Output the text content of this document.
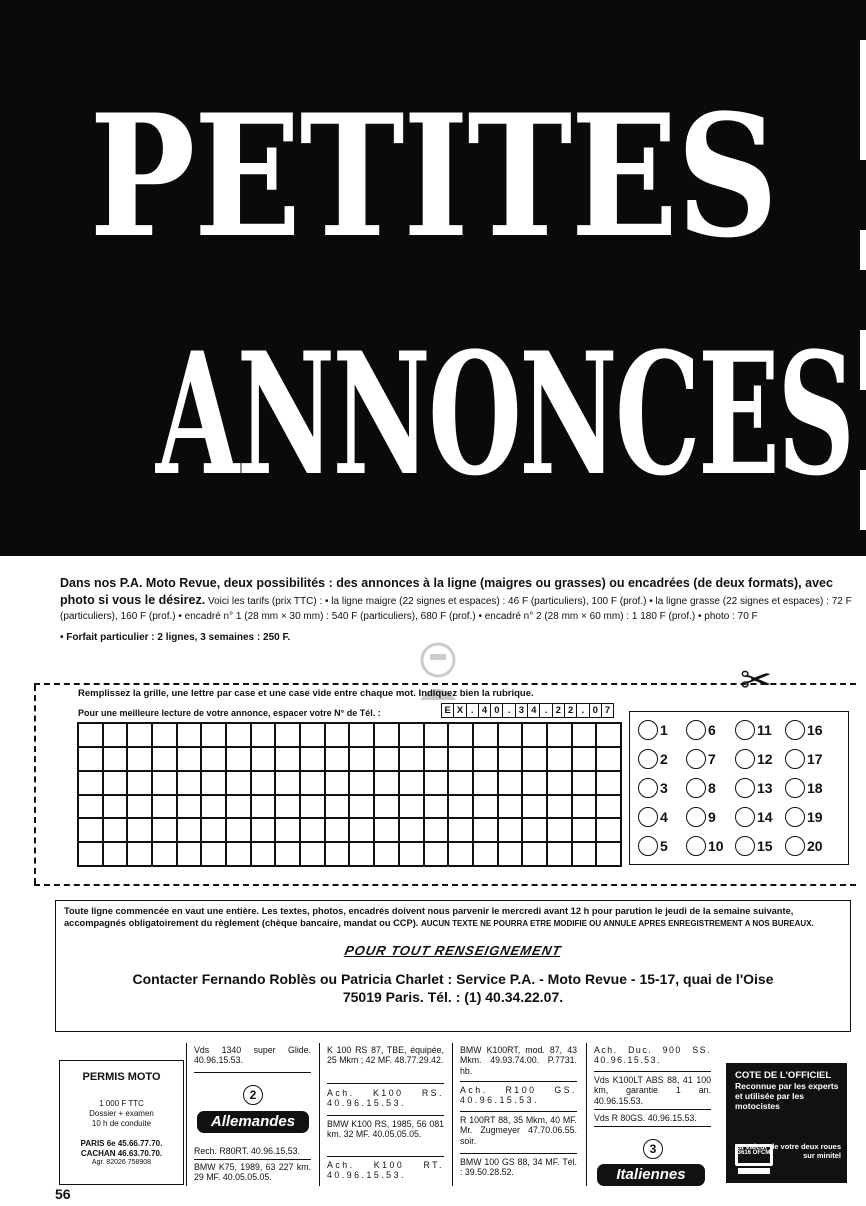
PETITES
ANNONCES

Dans nos P.A. Moto Revue, deux possibilités : des annonces à la ligne (maigres ou grasses) ou encadrées (de deux formats), avec photo si vous le désirez. Voici les tarifs (prix TTC) : • la ligne maigre (22 signes et espaces) : 46 F (particuliers), 100 F (prof.) • la ligne grasse (22 signes et espaces) : 72 F (particuliers), 160 F (prof.) • encadré n° 1 (28 mm × 30 mm) : 540 F (particuliers), 680 F (prof.) • encadré n° 2 (28 mm × 60 mm) : 1 180 F (prof.) • photo : 70 F

• Forfait particulier : 2 lignes, 3 semaines : 250 F.

✂
Remplissez la grille, une lettre par case et une case vide entre chaque mot. Indiquez bien la rubrique.
Pour une meilleure lecture de votre annonce, espacer votre N° de Tél. :	E X . 4 0 . 3 4 . 2 2 . 0 7
1
2
3
4
5
6
7
8
9
10
11
12
13
14
15
16
17
18
19
20
Toute ligne commencée en vaut une entière. Les textes, photos, encadrés doivent nous parvenir le mercredi avant 12 h pour parution le jeudi de la semaine suivante, accompagnés obligatoirement du règlement (chèque bancaire, mandat ou CCP). AUCUN TEXTE NE POURRA ETRE MODIFIE OU ANNULE APRES ENREGISTREMENT A NOS BUREAUX.
POUR TOUT RENSEIGNEMENT
Contacter Fernando Roblès ou Patricia Charlet : Service P.A. - Moto Revue - 15-17, quai de l'Oise
75019 Paris. Tél. : (1) 40.34.22.07.
PERMIS MOTO
1 000 F TTC
Dossier + examen
10 h de conduite
PARIS 6e 45.66.77.70.
CACHAN 46.63.70.70.
Agr. 82026 758908
56
Vds 1340 super Glide. 40.96.15.53.
2
Allemandes
Rech. R80RT. 40.96.15.53.
BMW K75, 1989, 63 227 km. 29 MF. 40.05.05.05.
K 100 RS 87, TBE, équipée, 25 Mkm ; 42 MF. 48.77.29.42.
Ach. K100 RS. 40.96.15.53.
BMW K100 RS, 1985, 56 081 km. 32 MF. 40.05.05.05.
Ach. K100 RT. 40.96.15.53.
BMW K100RT, mod. 87, 43 Mkm. 49.93.74.00. P.7731. hb.
Ach. R100 GS. 40.96.15.53.
R 100RT 88, 35 Mkm, 40 MF. Mr. Zugmeyer 47.70.06.55. soir.
BMW 100 GS 88, 34 MF. Tél. : 39.50.28.52.
Ach. Duc. 900 SS. 40.96.15.53.
Vds K100LT ABS 88, 41 100 km, garantie 1 an. 40.96.15.53.
Vds R 80GS. 40.96.15.53.
3
Italiennes
COTE DE L'OFFICIEL
Reconnue par les experts et utilisée par les motocistes
3616 OFCM
La valeur de votre deux roues sur minitel
